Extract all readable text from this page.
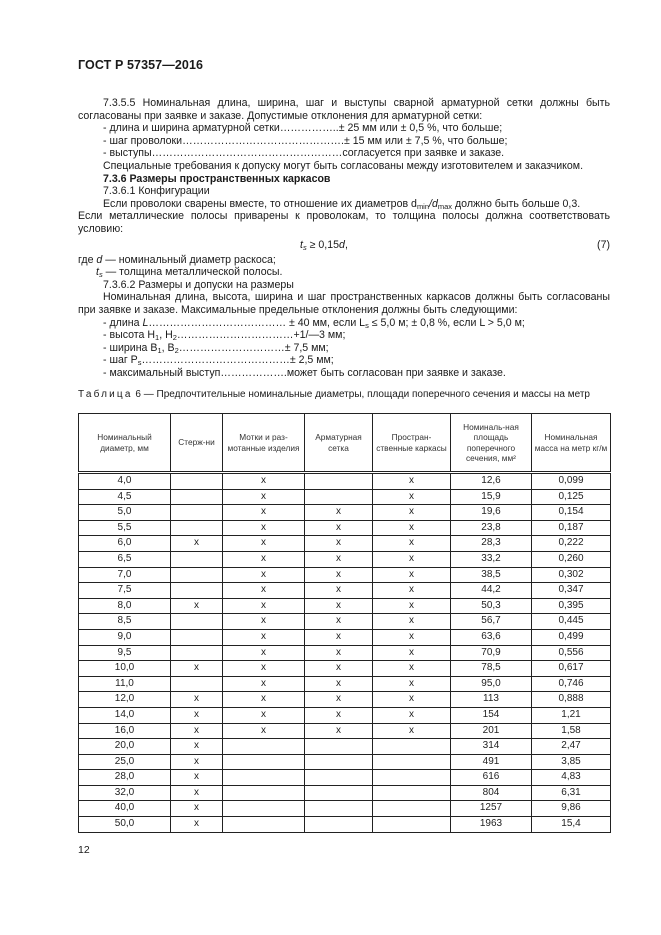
ГОСТ Р 57357—2016

7.3.5.5 Номинальная длина, ширина, шаг и выступы сварной арматурной сетки должны быть согласованы при заявке и заказе. Допустимые отклонения для арматурной сетки:

- длина и ширина арматурной сетки……………..± 25 мм или ± 0,5 %, что больше;
- шаг проволоки……………………………………….± 15 мм или ± 7,5 %, что больше;
- выступы………………………………………………согласуется при заявке и заказе.

Специальные требования к допуску могут быть согласованы между изготовителем и заказчиком.

7.3.6 Размеры пространственных каркасов

7.3.6.1 Конфигурации

Если проволоки сварены вместе, то отношение их диаметров $d_{min}/d_{max}$ должно быть больше 0,3.

Если металлические полосы приварены к проволокам, то толщина полосы должна соответствовать условию:

$t_s \ge 0,15d$,	(7)

где d — номинальный диаметр раскоса;

$t_s$ — толщина металлической полосы.

7.3.6.2 Размеры и допуски на размеры

Номинальная длина, высота, ширина и шаг пространственных каркасов должны быть согласованы при заявке и заказе. Максимальные предельные отклонения должны быть следующими:

- длина L………………………………… ± 40 мм, если $L_s \le 5,0$ м; ± 0,8 %, если L > 5,0 м;
- высота $H_1$, $H_2\dots\dots\dots\dots\dots\dots\dots\dots\dots\dots\dots+1/—3$ мм;
- ширина $B_1$, $B_2\dots\dots\dots\dots\dots\dots\dots\dots\dots\dots\pm 7,5$ мм;
- шаг $P_s\dots\dots\dots\dots\dots\dots\dots\dots\dots\dots\dots\dots\dots\dots\pm 2,5$ мм;
- максимальный выступ……………….может быть согласован при заявке и заказе.
Таблица 6 — Предпочтительные номинальные диаметры, площади поперечного сечения и массы на метр
Номинальный диаметр, мм	Стерж-ни	Мотки и раз-мотанные изделия	Арматурная сетка	Простран-ственные каркасы	Номиналь-ная площадь поперечного сечения, мм²	Номинальная масса на метр кг/м
4,0		x		x	12,6	0,099
4,5		x		x	15,9	0,125
5,0		x	x	x	19,6	0,154
5,5		x	x	x	23,8	0,187
6,0	x	x	x	x	28,3	0,222
6,5		x	x	x	33,2	0,260
7,0		x	x	x	38,5	0,302
7,5		x	x	x	44,2	0,347
8,0	x	x	x	x	50,3	0,395
8,5		x	x	x	56,7	0,445
9,0		x	x	x	63,6	0,499
9,5		x	x	x	70,9	0,556
10,0	x	x	x	x	78,5	0,617
11,0		x	x	x	95,0	0,746
12,0	x	x	x	x	113	0,888
14,0	x	x	x	x	154	1,21
16,0	x	x	x	x	201	1,58
20,0	x				314	2,47
25,0	x				491	3,85
28,0	x				616	4,83
32,0	x				804	6,31
40,0	x				1257	9,86
50,0	x				1963	15,4
12
